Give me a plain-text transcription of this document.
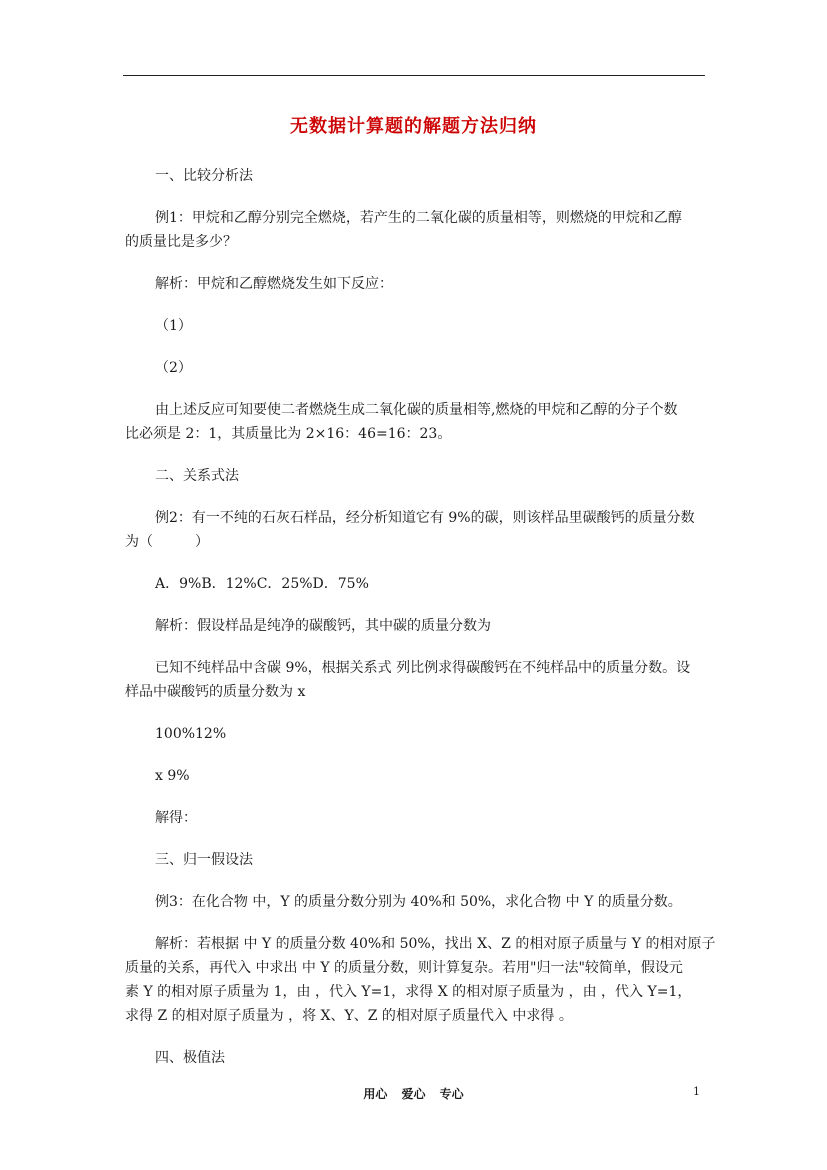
无数据计算题的解题方法归纳

一、比较分析法

例1：甲烷和乙醇分别完全燃烧，若产生的二氧化碳的质量相等，则燃烧的甲烷和乙醇

的质量比是多少？

解析：甲烷和乙醇燃烧发生如下反应：

（1）

（2）

由上述反应可知要使二者燃烧生成二氧化碳的质量相等,燃烧的甲烷和乙醇的分子个数

比必须是 2：1，其质量比为 2×16：46=16：23。

二、关系式法

例2：有一不纯的石灰石样品，经分析知道它有 9%的碳，则该样品里碳酸钙的质量分数

为（　　　）

A．9%B．12%C．25%D．75%

解析：假设样品是纯净的碳酸钙，其中碳的质量分数为

已知不纯样品中含碳 9%，根据关系式 列比例求得碳酸钙在不纯样品中的质量分数。设

样品中碳酸钙的质量分数为 x

100%12%

x 9%

解得：

三、归一假设法

例3：在化合物 中，Y 的质量分数分别为 40%和 50%，求化合物 中 Y 的质量分数。

解析：若根据 中 Y 的质量分数 40%和 50%，找出 X、Z 的相对原子质量与 Y 的相对原子

质量的关系，再代入 中求出 中 Y 的质量分数，则计算复杂。若用"归一法"较简单，假设元

素 Y 的相对原子质量为 1，由 ，代入 Y=1，求得 X 的相对原子质量为 ，由 ，代入 Y=1，

求得 Z 的相对原子质量为 ，将 X、Y、Z 的相对原子质量代入 中求得 。

四、极值法

用心 爱心 专心	1
